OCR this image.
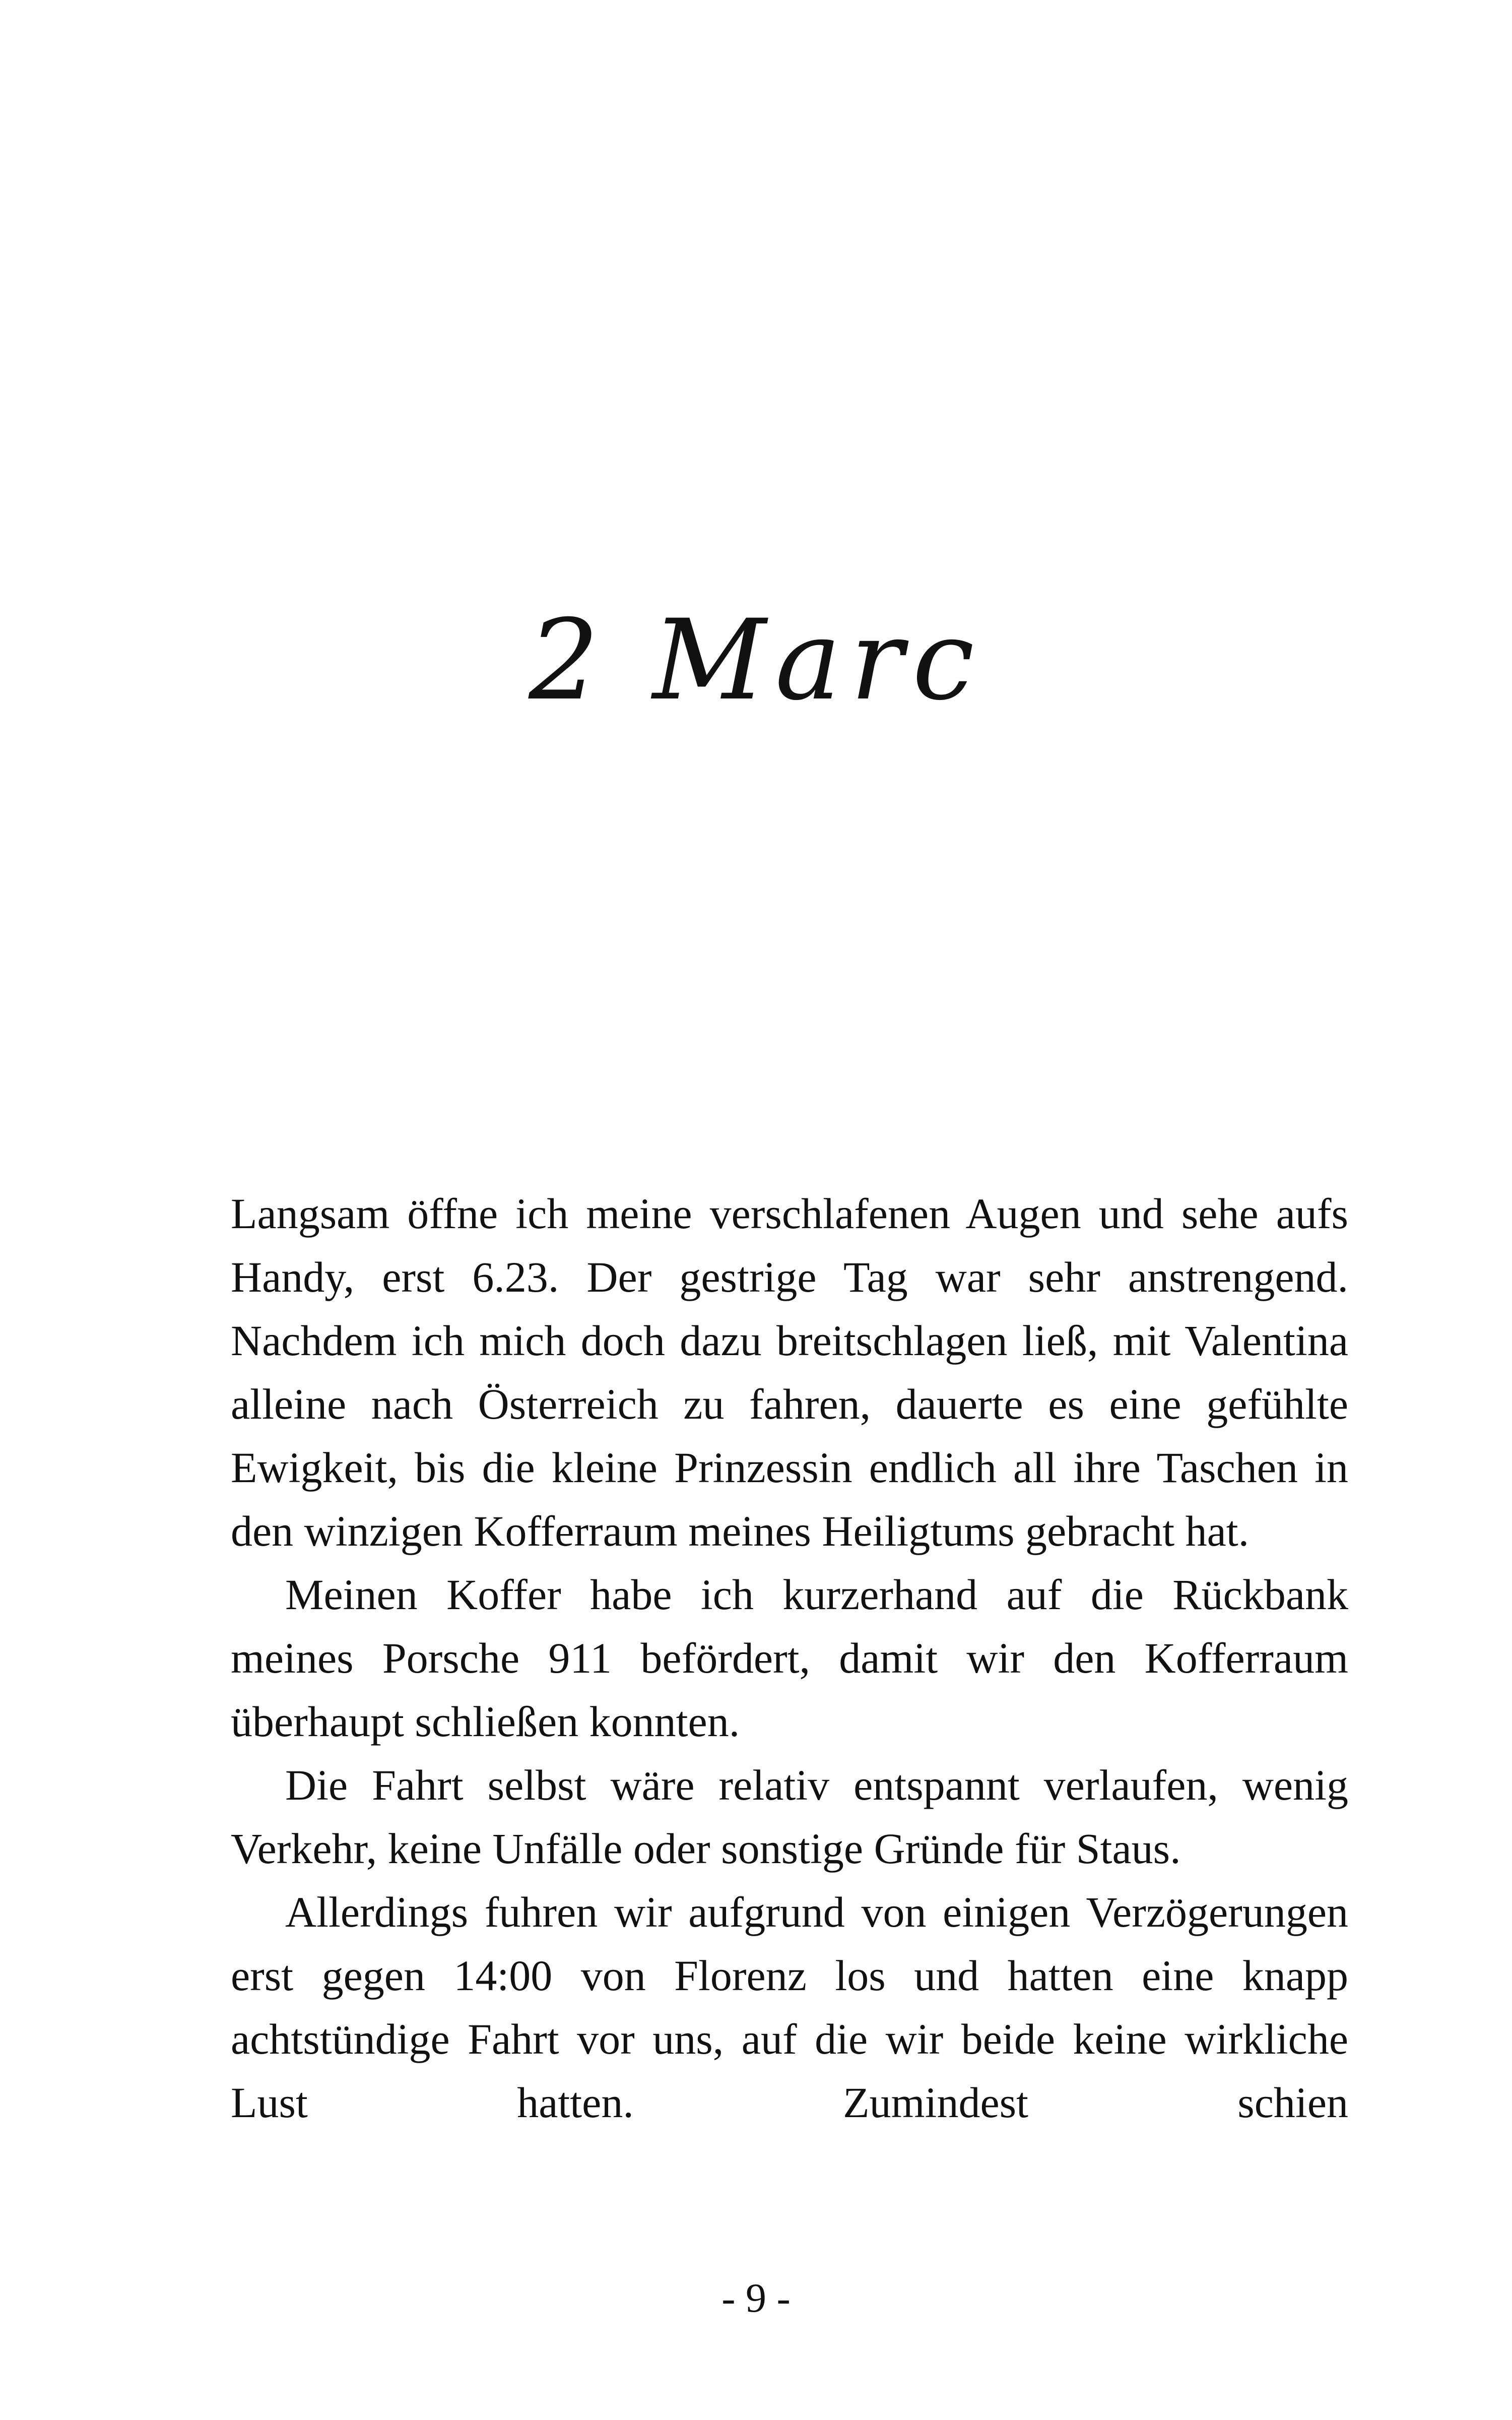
2 Marc

Langsam öffne ich meine verschlafenen Augen und sehe aufs Handy, erst 6.23. Der gestrige Tag war sehr anstrengend. Nachdem ich mich doch dazu breitschlagen ließ, mit Valentina alleine nach Österreich zu fahren, dauerte es eine gefühlte Ewigkeit, bis die kleine Prinzessin endlich all ihre Taschen in den winzigen Kofferraum meines Heiligtums gebracht hat.

Meinen Koffer habe ich kurzerhand auf die Rückbank meines Porsche 911 befördert, damit wir den Kofferraum überhaupt schließen konnten.

Die Fahrt selbst wäre relativ entspannt verlaufen, wenig Verkehr, keine Unfälle oder sonstige Gründe für Staus.

Allerdings fuhren wir aufgrund von einigen Verzögerungen erst gegen 14:00 von Florenz los und hatten eine knapp achtstündige Fahrt vor uns, auf die wir beide keine wirkliche Lust hatten. Zumindest schien

- 9 -
